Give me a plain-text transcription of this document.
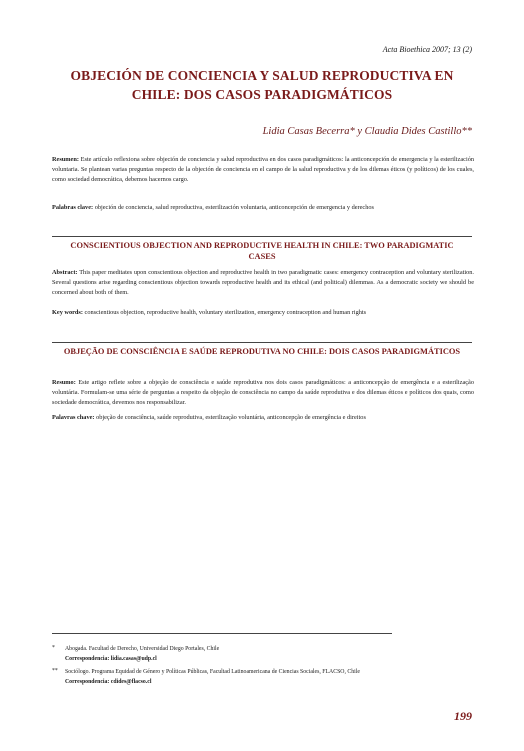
Acta Bioethica 2007; 13 (2)
OBJECIÓN DE CONCIENCIA Y SALUD REPRODUCTIVA EN CHILE: DOS CASOS PARADIGMÁTICOS
Lidia Casas Becerra* y Claudia Dides Castillo**
Resumen: Este artículo reflexiona sobre objeción de conciencia y salud reproductiva en dos casos paradigmáticos: la anticoncepción de emergencia y la esterilización voluntaria. Se plantean varias preguntas respecto de la objeción de conciencia en el campo de la salud reproductiva y de los dilemas éticos (y políticos) de los cuales, como sociedad democrática, debemos hacernos cargo.
Palabras clave: objeción de conciencia, salud reproductiva, esterilización voluntaria, anticoncepción de emergencia y derechos
CONSCIENTIOUS OBJECTION AND REPRODUCTIVE HEALTH IN CHILE: TWO PARADIGMATIC CASES
Abstract: This paper meditates upon conscientious objection and reproductive health in two paradigmatic cases: emergency contraception and voluntary sterilization. Several questions arise regarding conscientious objection towards reproductive health and its ethical (and political) dilemmas. As a democratic society we should be concerned about both of them.
Key words: conscientious objection, reproductive health, voluntary sterilization, emergency contraception and human rights
OBJEÇÃO DE CONSCIÊNCIA E SAÚDE REPRODUTIVA NO CHILE: DOIS CASOS PARADIGMÁTICOS
Resumo: Este artigo reflete sobre a objeção de consciência e saúde reprodutiva nos dois casos paradigmáticos: a anticoncepção de emergência e a esterilização voluntária. Formulam-se uma série de perguntas a respeito da objeção de consciência no campo da saúde reprodutiva e dos dilemas éticos e políticos dos quais, como sociedade democrática, devemos nos responsabilizar.
Palavras chave: objeção de consciência, saúde reprodutiva, esterilização voluntária, anticoncepção de emergência e direitos
* Abogada. Facultad de Derecho, Universidad Diego Portales, Chile
Correspondencia: lidia.casas@udp.cl
** Sociólogo. Programa Equidad de Género y Políticas Públicas, Facultad Latinoamericana de Ciencias Sociales, FLACSO, Chile
Correspondencia: cdides@flacso.cl
199
